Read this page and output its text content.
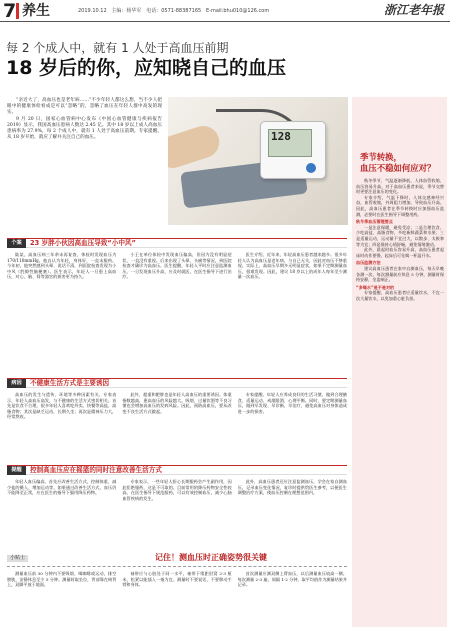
7 养生	2019.10.12 主编：杨华军 电话：0571-88387165 E-mail:bhu010@126.com	浙江老年报
每 2 个成人中，就有 1 人处于高血压前期
18 岁后的你，应知晓自己的血压

“亲近大了，高血压也是老年病……”不少年轻人都这么想，当不少人把眼中的健康体检看成是可以“忽略”的，忽略了血压在年轻人群中高发的现实。

9 月 20 日，国家心血管病中心发布《中国心血管健康与疾病报告 2019》显示，我国高血压患病人数达 2.45 亿。其中 18 岁以上成人高血压患病率为 27.9%，每 2 个成人中，就有 1 人处于高血压前期。专家提醒，从 18 岁开始，就应了解并关注自己的血压。	128
季节转换，
血压不稳如何应对？

秋冬季节，气温逐渐降低，人体血管收缩，血压容易升高。对于高血压患者来说，季节交替时更要注意血压的变化。

专家介绍，气温下降时，人体交感神经兴奋，血管收缩，外周阻力增加，导致血压升高。因此，高血压患者在季节转换时应加强血压监测，必要时在医生指导下调整用药。

秋冬季血压管理要点

一是注意保暖，避免受凉；二是合理饮食，少吃高盐、高脂食物，多吃新鲜蔬菜和水果；三是适量运动，运动量不宜过大，以散步、太极拳等为宜；四是保持心情舒畅，避免情绪激动。

此外，晨起时血压容易升高，高血压患者起床时动作要慢，起床后可先喝一杯温开水。

血压监测方法

建议高血压患者在家中自测血压，每天早晚各测一次，每次测量前应休息 5 分钟，测量时保持安静，坐姿端正。

“多喝水”是不是对的

专家提醒，高血压患者应适量饮水，不宜一次大量饮水，以免加重心脏负担。

个案	23 岁胖小伙因高血压导致“小中风”

陆某，高血压病三年余未再复查，体检时发现血压为 170/110mmHg。他自认为年轻，身体好，一直未服药。今年初，他突然感到头晕、说话不清，到医院检查发现为小中风（腔隙性脑梗塞）。医生表示，年轻人一旦患上高血压，对心、脑、肾等器官的损害更为持久。

小王在单位体检中发现血压偏高，但因为没有明显症状，一直没有重视。后来出现了头晕、头痛等情况，到医院检查才确诊为高血压。医生提醒，年轻人平时应注意监测血压，一旦发现血压升高，应及时就医，在医生指导下进行治疗。

医生介绍，近年来，年轻高血压患者越来越多。很多年轻人认为高血压是老年病，与自己无关，因此对血压不够重视。实际上，高血压早期多无明显症状，如果不定期测量血压，很难发现。因此，建议 18 岁以上的成年人每年至少测量一次血压。

病因	不健康生活方式是主要诱因

高血压的发生与遗传、环境等多种因素有关。专家表示，年轻人高血压高发，与不健康的生活方式密切相关。首先是饮食不合理，很多年轻人喜欢吃外卖、快餐等高盐、高脂食物；其次是缺乏运动，长期久坐；再次是精神压力大，经常熬夜。

此外，超重和肥胖也是年轻人高血压的重要诱因。体重指数越高，患高血压的风险越大。吸烟、过量饮酒等不良习惯也会增加高血压的发病风险。因此，预防高血压，要从改变不良生活方式做起。

专家提醒，年轻人应养成良好的生活习惯，做到合理膳食、适量运动、戒烟限酒、心理平衡。同时，要定期测量血压，做到早发现、早诊断、早治疗，避免高血压对身体造成进一步的损害。

提醒	控制高血压应在摇篮的同时注意改善生活方式

年轻人血压偏高，首先应改善生活方式，控制体重、减少盐的摄入、增加运动等。如果通过改善生活方式，血压仍不能降至正常，应在医生的指导下服用降压药物。

专家表示，一些年轻人担心长期服药会产生副作用，因此拒绝服药，这是不可取的。目前常用的降压药物安全性较高，在医生指导下规范服药，可以有效控制血压，减少心脑血管疾病的发生。

此外，高血压患者还应注意监测血压，学会在家自测血压，记录血压变化情况，复诊时提供给医生参考，以便医生调整治疗方案，使血压控制在理想范围内。

小贴士	记住！测血压时正确姿势很关键

测量血压前 30 分钟内不要吸烟、喝咖啡或运动，排空膀胱，安静休息至少 5 分钟。测量时取坐位，背部靠在椅背上，双脚平放于地面。

袖带应与心脏处于同一水平，袖带下缘距肘窝 2-3 厘米，松紧以能插入一指为宜。测量时不要说话，不要移动手臂和身体。

首次测量应测双侧上臂血压，以后测量血压较高一侧。每次测量 2-3 遍，间隔 1-2 分钟，取平均值作为测量结果并记录。
